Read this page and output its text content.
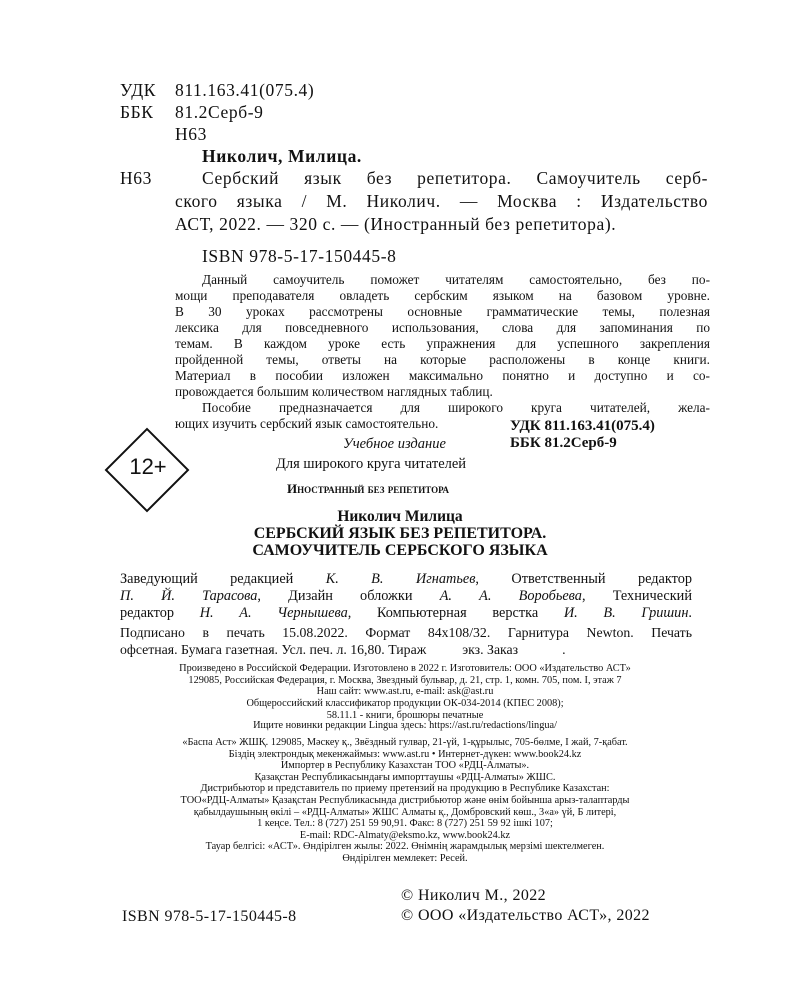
УДК 811.163.41(075.4)
ББК 81.2Серб-9
Н63
Николич, Милица.
Н63	Сербский язык без репетитора. Самоучитель серб-
ского языка / М. Николич. — Москва : Издательство
АСТ, 2022. — 320 с. — (Иностранный без репетитора).
ISBN 978-5-17-150445-8
Данный самоучитель поможет читателям самостоятельно, без по-
мощи преподавателя овладеть сербским языком на базовом уровне.
В 30 уроках рассмотрены основные грамматические темы, полезная
лексика для повседневного использования, слова для запоминания по
темам. В каждом уроке есть упражнения для успешного закрепления
пройденной темы, ответы на которые расположены в конце книги.
Материал в пособии изложен максимально понятно и доступно и со-
провождается большим количеством наглядных таблиц.
Пособие предназначается для широкого круга читателей, жела-
ющих изучить сербский язык самостоятельно.	УДК 811.163.41(075.4)
ББК 81.2Серб-9
12+
Учебное издание
Для широкого круга читателей
Иностранный без репетитора
Николич Милица
СЕРБСКИЙ ЯЗЫК БЕЗ РЕПЕТИТОРА.
САМОУЧИТЕЛЬ СЕРБСКОГО ЯЗЫКА
Заведующий редакцией К. В. Игнатьев, Ответственный редактор
П. Й. Тарасова, Дизайн обложки А. А. Воробьева, Технический
редактор Н. А. Чернышева, Компьютерная верстка И. В. Гришин.
Подписано в печать 15.08.2022. Формат 84x108/32. Гарнитура Newton. Печать
офсетная. Бумага газетная. Усл. печ. л. 16,80. Тираж	экз. Заказ	.
Произведено в Российской Федерации. Изготовлено в 2022 г. Изготовитель: ООО «Издательство АСТ»
129085, Российская Федерация, г. Москва, Звездный бульвар, д. 21, стр. 1, комн. 705, пом. I, этаж 7
Наш сайт: www.ast.ru, e-mail: ask@ast.ru
Общероссийский классификатор продукции ОК-034-2014 (КПЕС 2008);
58.11.1 - книги, брошюры печатные
Ищите новинки редакции Lingua здесь: https://ast.ru/redactions/lingua/
«Баспа Аст» ЖШҚ. 129085, Мәскеу қ., Звёздный гулвар, 21-үй, 1-құрылыс, 705-бөлме, I жай, 7-қабат.
Біздің электрондық мекенжаймыз: www.ast.ru • Интернет-дүкен: www.book24.kz
Импортер в Республику Казахстан ТОО «РДЦ-Алматы».
Қазақстан Республикасындағы импорттаушы «РДЦ-Алматы» ЖШС.
Дистрибьютор и представитель по приему претензий на продукцию в Республике Казахстан:
ТОО«РДЦ-Алматы» Қазақстан Республикасында дистрибьютор және өнім бойынша арыз-талаптарды
қабылдаушының өкілі – «РДЦ-Алматы» ЖШС Алматы қ., Домбровский көш., 3«а» үй, Б литері,
1 кеңсе. Тел.: 8 (727) 251 59 90,91. Факс: 8 (727) 251 59 92 ішкі 107;
E-mail: RDC-Almaty@eksmo.kz, www.book24.kz
Тауар белгісі: «АСТ». Өндірілген жылы: 2022. Өнімнің жарамдылық мерзімі шектелмеген.
Өндірілген мемлекет: Ресей.
© Николич М., 2022
© ООО «Издательство АСТ», 2022
ISBN 978-5-17-150445-8
